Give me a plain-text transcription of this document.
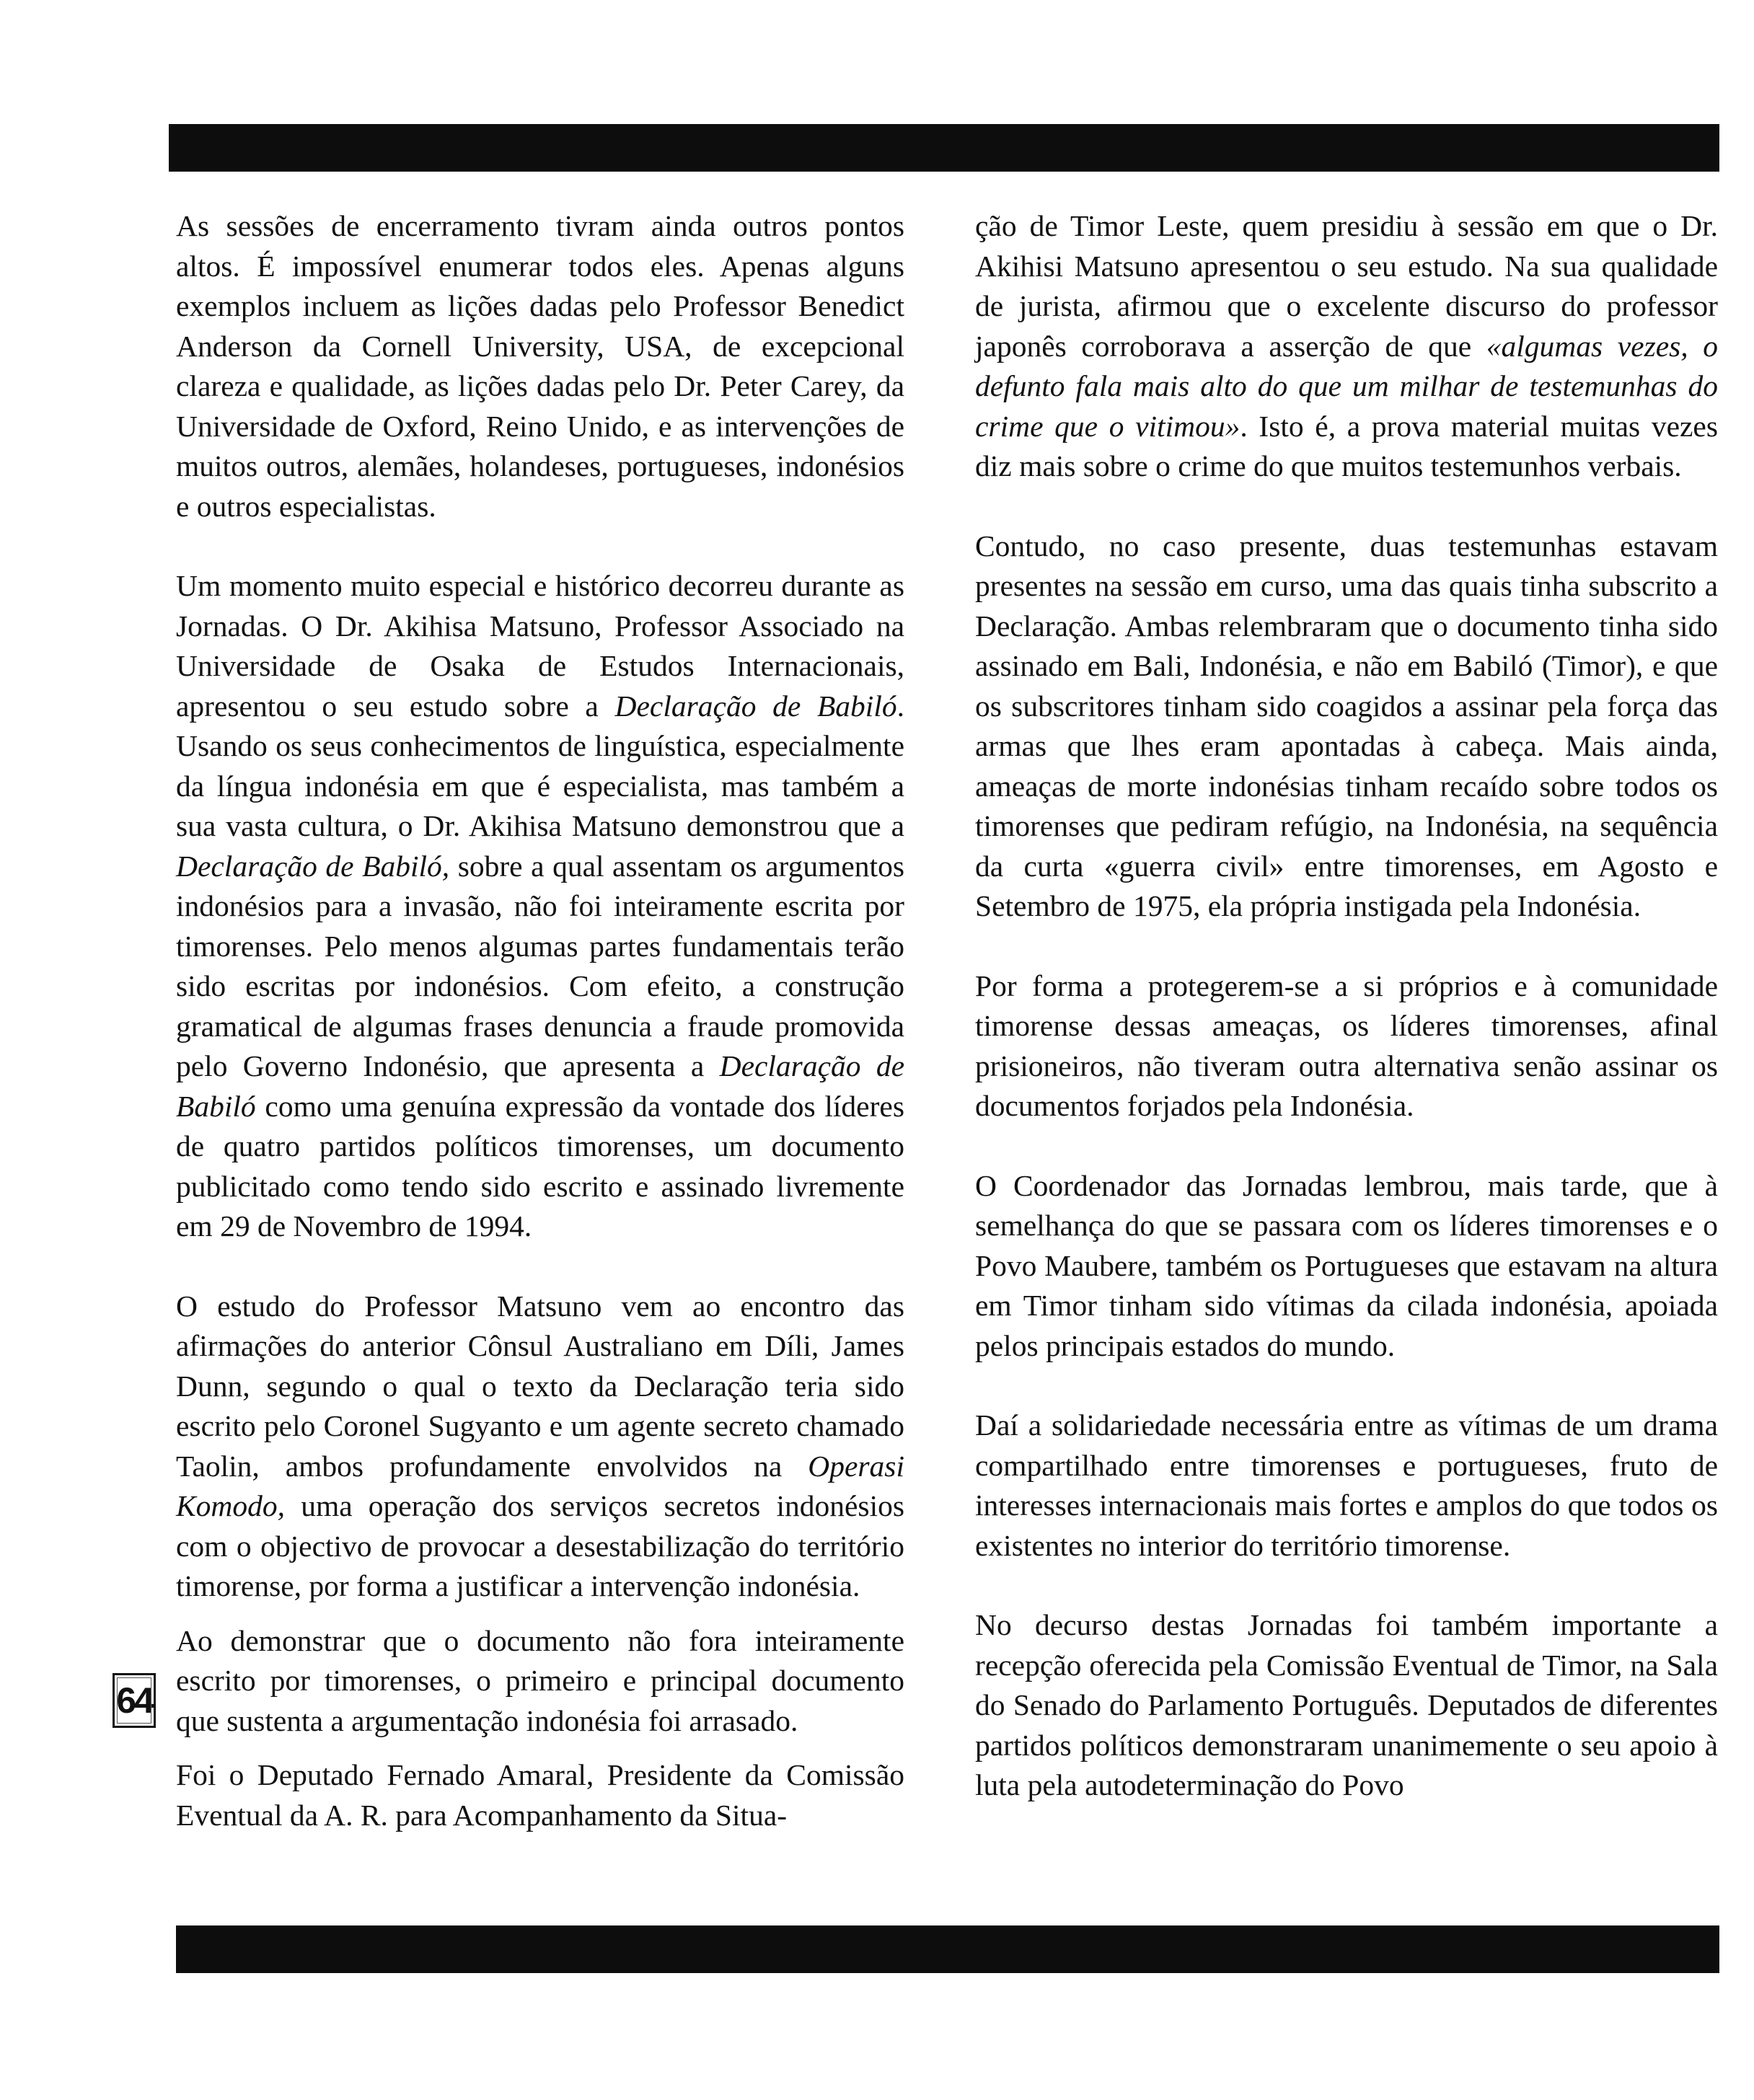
As sessões de encerramento tivram ainda outros pontos altos. É impossível enumerar todos eles. Apenas alguns exemplos incluem as lições dadas pelo Professor Benedict Anderson da Cornell University, USA, de excepcional clareza e qualidade, as lições dadas pelo Dr. Peter Carey, da Universidade de Oxford, Reino Unido, e as intervenções de muitos outros, alemães, holandeses, portugueses, indonésios e outros especialistas.

Um momento muito especial e histórico decorreu durante as Jornadas. O Dr. Akihisa Matsuno, Professor Associado na Universidade de Osaka de Estudos Internacionais, apresentou o seu estudo sobre a Declaração de Babiló. Usando os seus conhecimentos de linguística, especialmente da língua indonésia em que é especialista, mas também a sua vasta cultura, o Dr. Akihisa Matsuno demonstrou que a Declaração de Babiló, sobre a qual assentam os argumentos indonésios para a invasão, não foi inteiramente escrita por timorenses. Pelo menos algumas partes fundamentais terão sido escritas por indonésios. Com efeito, a construção gramatical de algumas frases denuncia a fraude promovida pelo Governo Indonésio, que apresenta a Declaração de Babiló como uma genuína expressão da vontade dos líderes de quatro partidos políticos timorenses, um documento publicitado como tendo sido escrito e assinado livremente em 29 de Novembro de 1994.

O estudo do Professor Matsuno vem ao encontro das afirmações do anterior Cônsul Australiano em Díli, James Dunn, segundo o qual o texto da Declaração teria sido escrito pelo Coronel Sugyanto e um agente secreto chamado Taolin, ambos profundamente envolvidos na Operasi Komodo, uma operação dos serviços secretos indonésios com o objectivo de provocar a desestabilização do território timorense, por forma a justificar a intervenção indonésia.

Ao demonstrar que o documento não fora inteiramente escrito por timorenses, o primeiro e principal documento que sustenta a argumentação indonésia foi arrasado.

Foi o Deputado Fernado Amaral, Presidente da Comissão Eventual da A. R. para Acompanhamento da Situa-

ção de Timor Leste, quem presidiu à sessão em que o Dr. Akihisi Matsuno apresentou o seu estudo. Na sua qualidade de jurista, afirmou que o excelente discurso do professor japonês corroborava a asserção de que «algumas vezes, o defunto fala mais alto do que um milhar de testemunhas do crime que o vitimou». Isto é, a prova material muitas vezes diz mais sobre o crime do que muitos testemunhos verbais.

Contudo, no caso presente, duas testemunhas estavam presentes na sessão em curso, uma das quais tinha subscrito a Declaração. Ambas relembraram que o documento tinha sido assinado em Bali, Indonésia, e não em Babiló (Timor), e que os subscritores tinham sido coagidos a assinar pela força das armas que lhes eram apontadas à cabeça. Mais ainda, ameaças de morte indonésias tinham recaído sobre todos os timorenses que pediram refúgio, na Indonésia, na sequência da curta «guerra civil» entre timorenses, em Agosto e Setembro de 1975, ela própria instigada pela Indonésia.

Por forma a protegerem-se a si próprios e à comunidade timorense dessas ameaças, os líderes timorenses, afinal prisioneiros, não tiveram outra alternativa senão assinar os documentos forjados pela Indonésia.

O Coordenador das Jornadas lembrou, mais tarde, que à semelhança do que se passara com os líderes timorenses e o Povo Maubere, também os Portugueses que estavam na altura em Timor tinham sido vítimas da cilada indonésia, apoiada pelos principais estados do mundo.

Daí a solidariedade necessária entre as vítimas de um drama compartilhado entre timorenses e portugueses, fruto de interesses internacionais mais fortes e amplos do que todos os existentes no interior do território timorense.

No decurso destas Jornadas foi também importante a recepção oferecida pela Comissão Eventual de Timor, na Sala do Senado do Parlamento Português. Deputados de diferentes partidos políticos demonstraram unanimemente o seu apoio à luta pela autodeterminação do Povo

64
